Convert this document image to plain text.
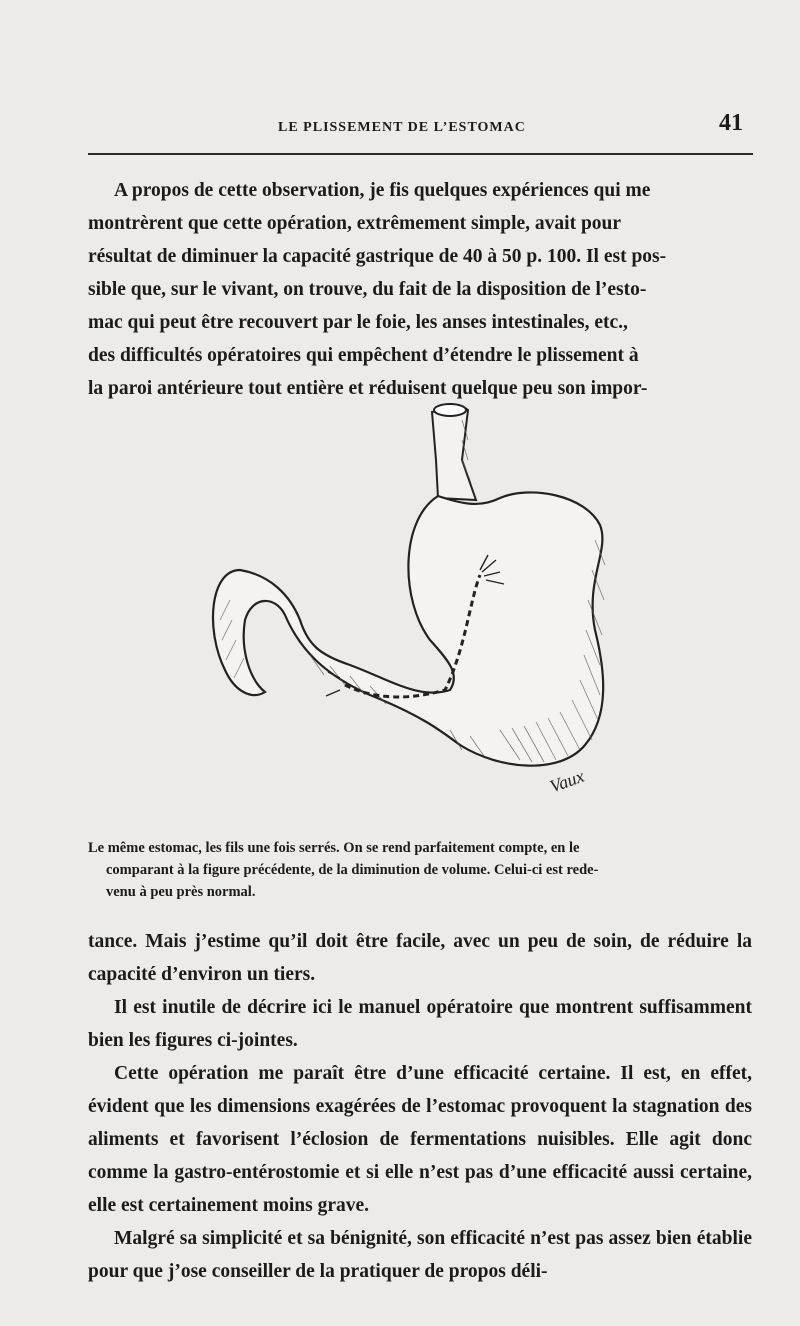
LE PLISSEMENT DE L’ESTOMAC	41

A propos de cette observation, je fis quelques expériences qui me

montrèrent que cette opération, extrêmement simple, avait pour

résultat de diminuer la capacité gastrique de 40 à 50 p. 100. Il est pos-

sible que, sur le vivant, on trouve, du fait de la disposition de l’esto-

mac qui peut être recouvert par le foie, les anses intestinales, etc.,

des difficultés opératoires qui empêchent d’étendre le plissement à

la paroi antérieure tout entière et réduisent quelque peu son impor-

Vaux
Le même estomac, les fils une fois serrés. On se rend parfaitement compte, en le
comparant à la figure précédente, de la diminution de volume. Celui-ci est rede-
venu à peu près normal.

tance. Mais j’estime qu’il doit être facile, avec un peu de soin, de réduire la capacité d’environ un tiers.

Il est inutile de décrire ici le manuel opératoire que montrent suffisamment bien les figures ci-jointes.

Cette opération me paraît être d’une efficacité certaine. Il est, en effet, évident que les dimensions exagérées de l’estomac provoquent la stagnation des aliments et favorisent l’éclosion de fermentations nuisibles. Elle agit donc comme la gastro-entérostomie et si elle n’est pas d’une efficacité aussi certaine, elle est certainement moins grave.

Malgré sa simplicité et sa bénignité, son efficacité n’est pas assez bien établie pour que j’ose conseiller de la pratiquer de propos déli-
